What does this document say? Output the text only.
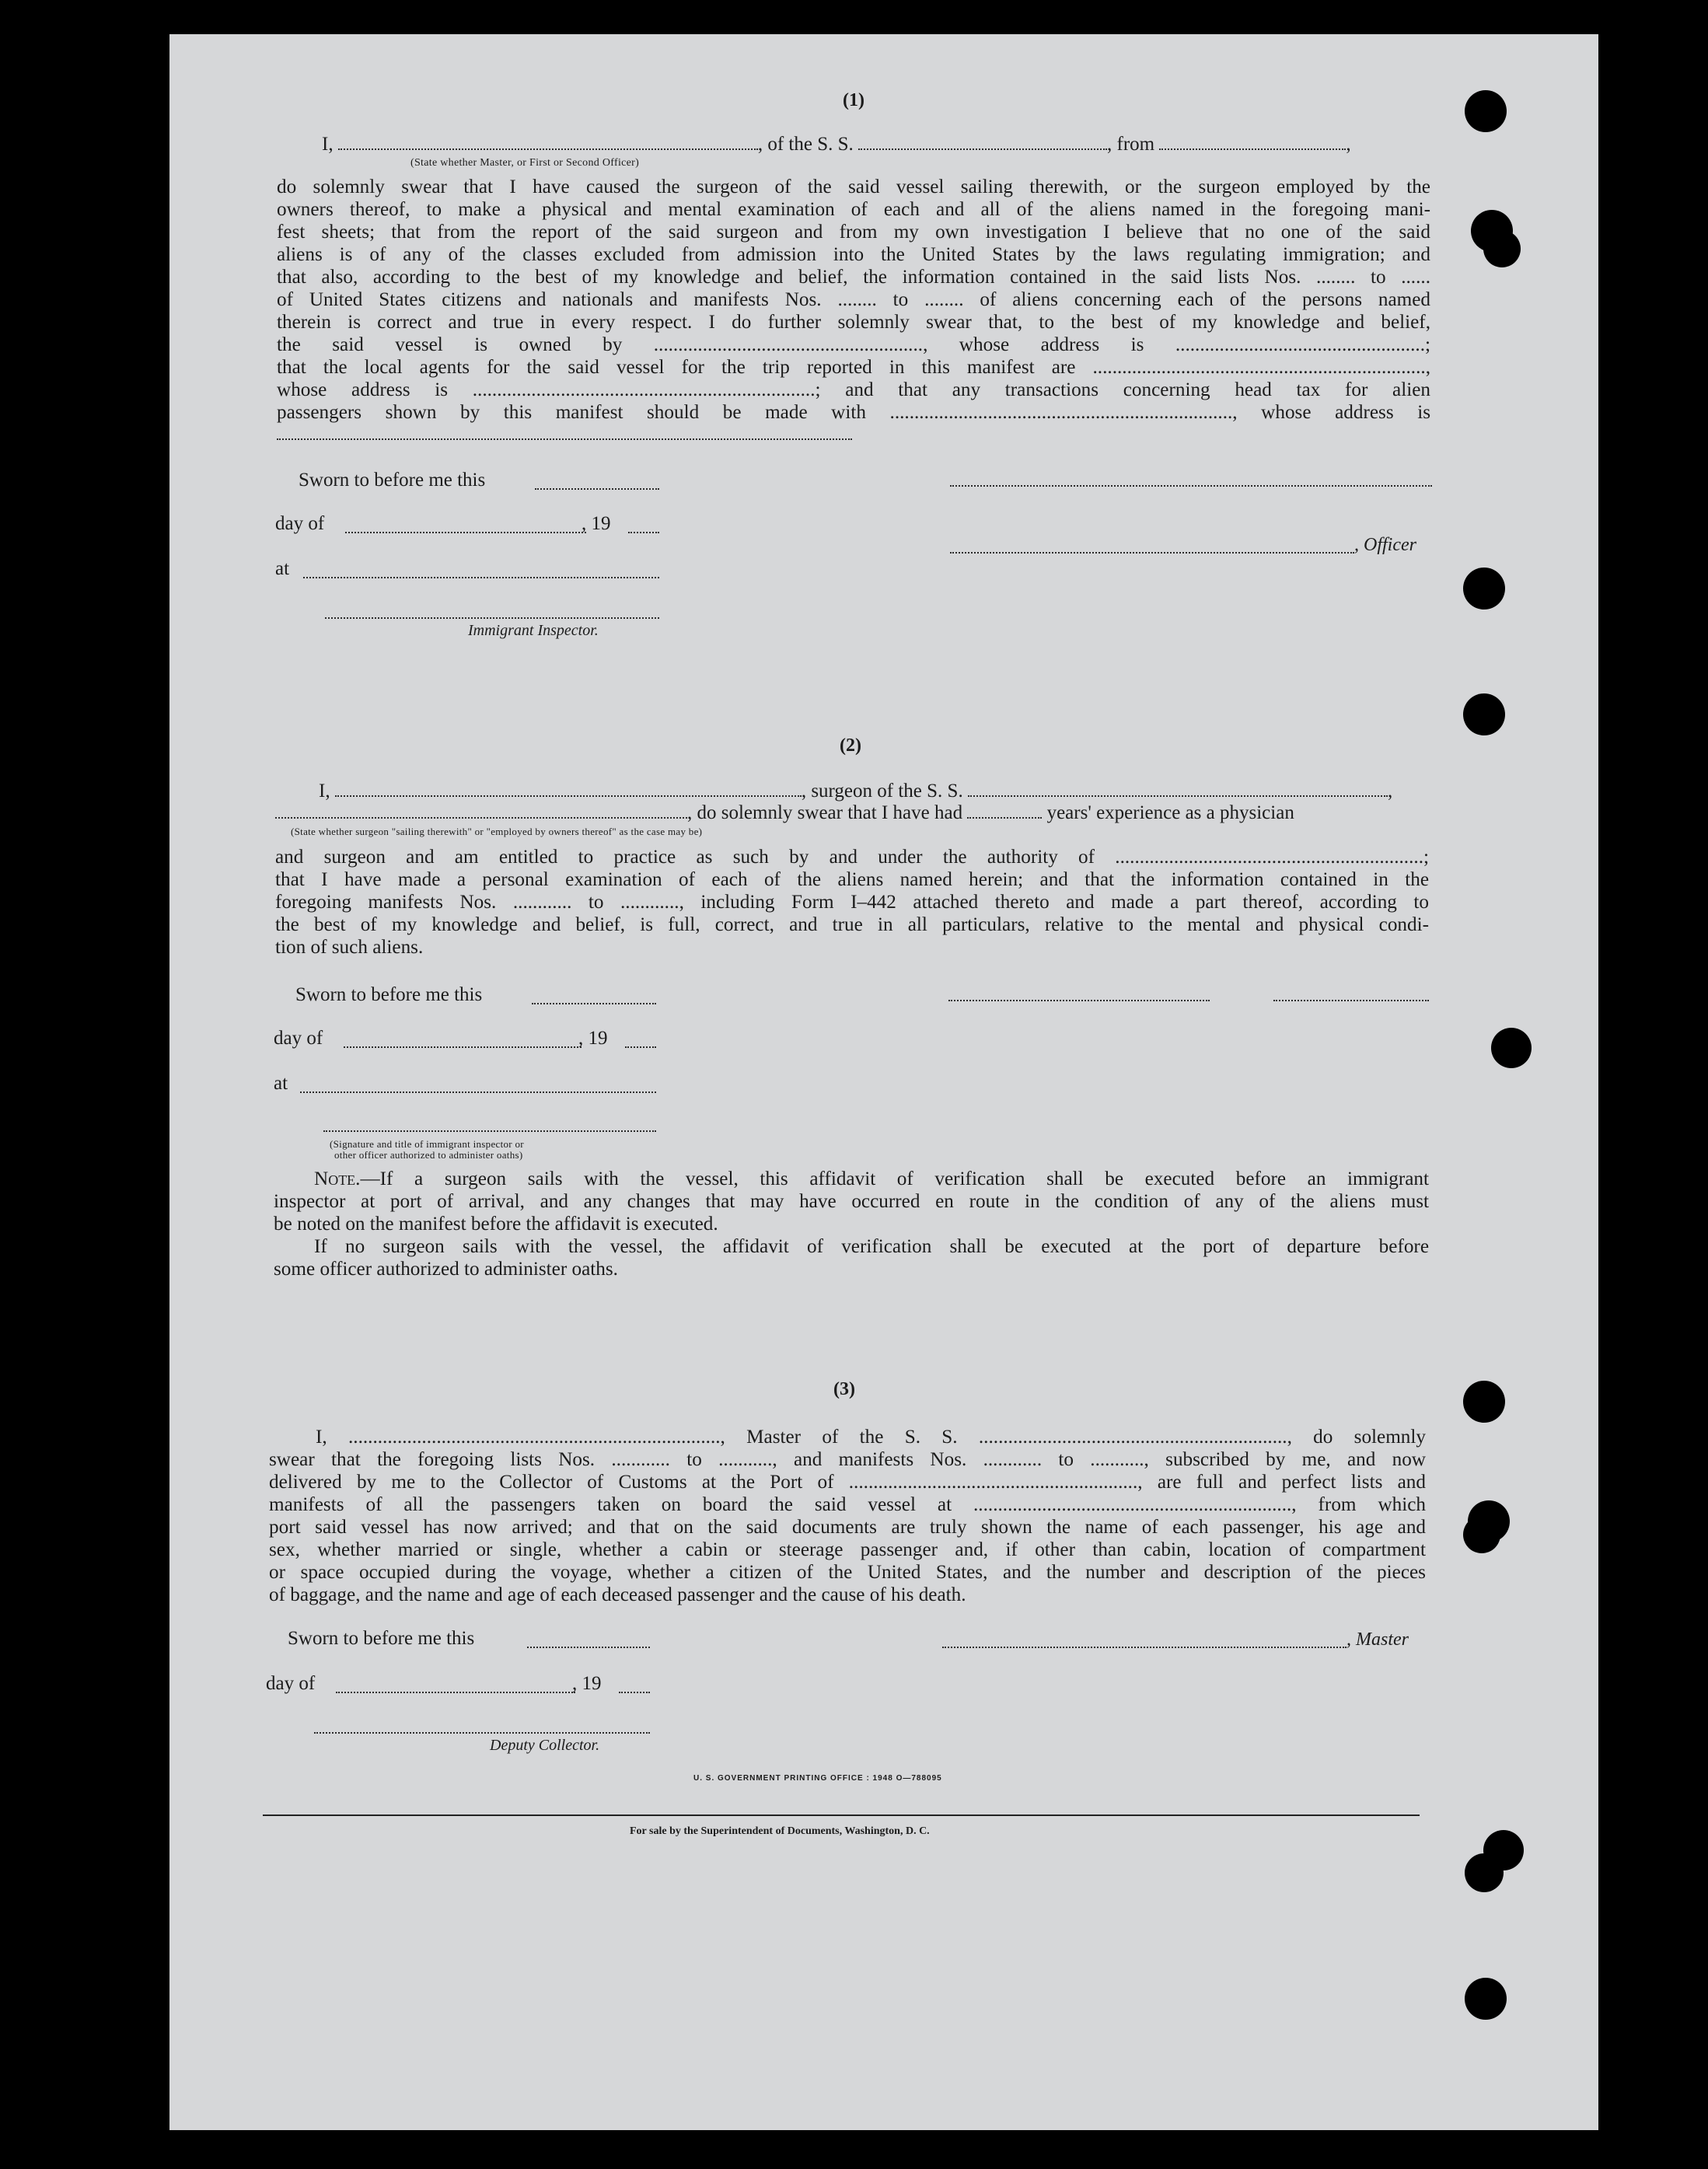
(1)
I,	, of the S. S.	, from	,
(State whether Master, or First or Second Officer)
do solemnly swear that I have caused the surgeon of the said vessel sailing therewith, or the surgeon employed by the
owners thereof, to make a physical and mental examination of each and all of the aliens named in the foregoing mani-
fest sheets; that from the report of the said surgeon and from my own investigation I believe that no one of the said
aliens is of any of the classes excluded from admission into the United States by the laws regulating immigration; and
that also, according to the best of my knowledge and belief, the information contained in the said lists Nos. ........ to ......
of United States citizens and nationals and manifests Nos. ........ to ........ of aliens concerning each of the persons named
therein is correct and true in every respect. I do further solemnly swear that, to the best of my knowledge and belief,
the said vessel is owned by ......................................................., whose address is ...................................................;
that the local agents for the said vessel for the trip reported in this manifest are ....................................................................,
whose address is ......................................................................; and that any transactions concerning head tax for alien
passengers shown by this manifest should be made with ......................................................................, whose address is
Sworn to before me this
day of	, 19
, Officer
at
Immigrant Inspector.
(2)
I,	, surgeon of the S. S.	,
, do solemnly swear that I have had	years' experience as a physician
(State whether surgeon "sailing therewith" or "employed by owners thereof" as the case may be)
and surgeon and am entitled to practice as such by and under the authority of ...............................................................;
that I have made a personal examination of each of the aliens named herein; and that the information contained in the
foregoing manifests Nos. ............ to ............, including Form I–442 attached thereto and made a part thereof, according to
the best of my knowledge and belief, is full, correct, and true in all particulars, relative to the mental and physical condi-
tion of such aliens.
Sworn to before me this
day of	, 19
at
(Signature and title of immigrant inspector or
other officer authorized to administer oaths)
Note.—If a surgeon sails with the vessel, this affidavit of verification shall be executed before an immigrant
inspector at port of arrival, and any changes that may have occurred en route in the condition of any of the aliens must
be noted on the manifest before the affidavit is executed.
If no surgeon sails with the vessel, the affidavit of verification shall be executed at the port of departure before
some officer authorized to administer oaths.
(3)
I, ............................................................................, Master of the S. S. ..............................................................., do solemnly
swear that the foregoing lists Nos. ............ to ..........., and manifests Nos. ............ to ..........., subscribed by me, and now
delivered by me to the Collector of Customs at the Port of ..........................................................., are full and perfect lists and
manifests of all the passengers taken on board the said vessel at ................................................................., from which
port said vessel has now arrived; and that on the said documents are truly shown the name of each passenger, his age and
sex, whether married or single, whether a cabin or steerage passenger and, if other than cabin, location of compartment
or space occupied during the voyage, whether a citizen of the United States, and the number and description of the pieces
of baggage, and the name and age of each deceased passenger and the cause of his death.
Sworn to before me this	, Master
day of	, 19
Deputy Collector.
U. S. GOVERNMENT PRINTING OFFICE : 1948 O—788095
For sale by the Superintendent of Documents, Washington, D. C.
